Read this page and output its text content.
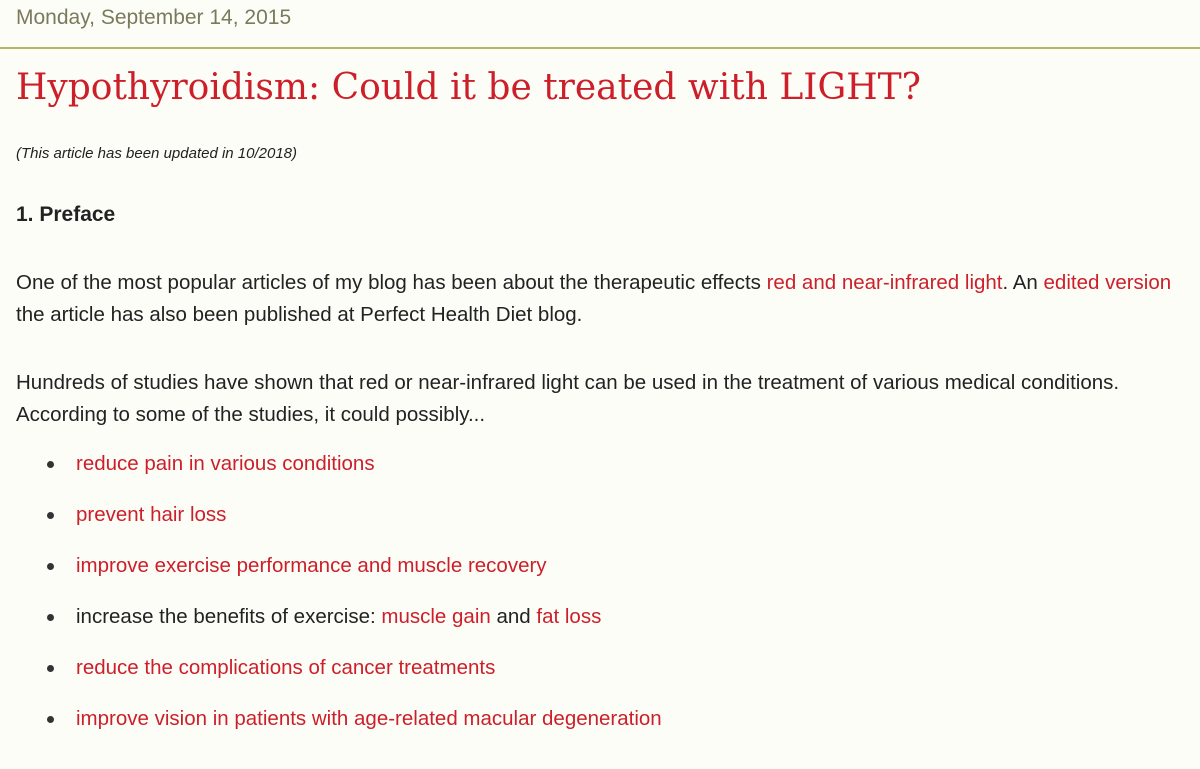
Monday, September 14, 2015
Hypothyroidism: Could it be treated with LIGHT?
(This article has been updated in 10/2018)
1. Preface

One of the most popular articles of my blog has been about the therapeutic effects red and near-infrared light. An edited version the article has also been published at Perfect Health Diet blog.

Hundreds of studies have shown that red or near-infrared light can be used in the treatment of various medical conditions. According to some of the studies, it could possibly...

reduce pain in various conditions
prevent hair loss
improve exercise performance and muscle recovery
increase the benefits of exercise: muscle gain and fat loss
reduce the complications of cancer treatments
improve vision in patients with age-related macular degeneration
